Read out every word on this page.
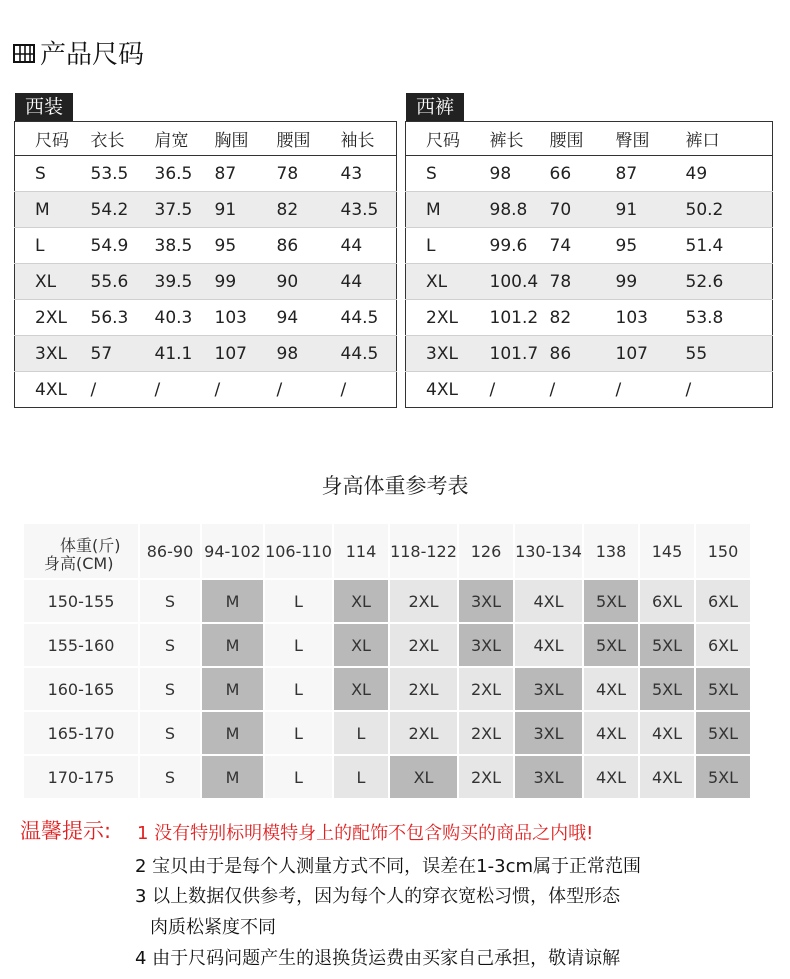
产品尺码
西装
尺码	衣长	肩宽	胸围	腰围	袖长
S	53.5	36.5	87	78	43
M	54.2	37.5	91	82	43.5
L	54.9	38.5	95	86	44
XL	55.6	39.5	99	90	44
2XL	56.3	40.3	103	94	44.5
3XL	57	41.1	107	98	44.5
4XL	/	/	/	/	/
西裤
尺码	裤长	腰围	臀围	裤口
S	98	66	87	49
M	98.8	70	91	50.2
L	99.6	74	95	51.4
XL	100.4	78	99	52.6
2XL	101.2	82	103	53.8
3XL	101.7	86	107	55
4XL	/	/	/	/
身高体重参考表
体重(斤)
身高(CM)	86-90	94-102	106-110	114	118-122	126	130-134	138	145	150
150-155	S	M	L	XL	2XL	3XL	4XL	5XL	6XL	6XL
155-160	S	M	L	XL	2XL	3XL	4XL	5XL	5XL	6XL
160-165	S	M	L	XL	2XL	2XL	3XL	4XL	5XL	5XL
165-170	S	M	L	L	2XL	2XL	3XL	4XL	4XL	5XL
170-175	S	M	L	L	XL	2XL	3XL	4XL	4XL	5XL
温馨提示: 1 没有特别标明模特身上的配饰不包含购买的商品之内哦!
2 宝贝由于是每个人测量方式不同，误差在1-3cm属于正常范围
3 以上数据仅供参考，因为每个人的穿衣宽松习惯，体型形态
肉质松紧度不同
4 由于尺码问题产生的退换货运费由买家自己承担，敬请谅解
